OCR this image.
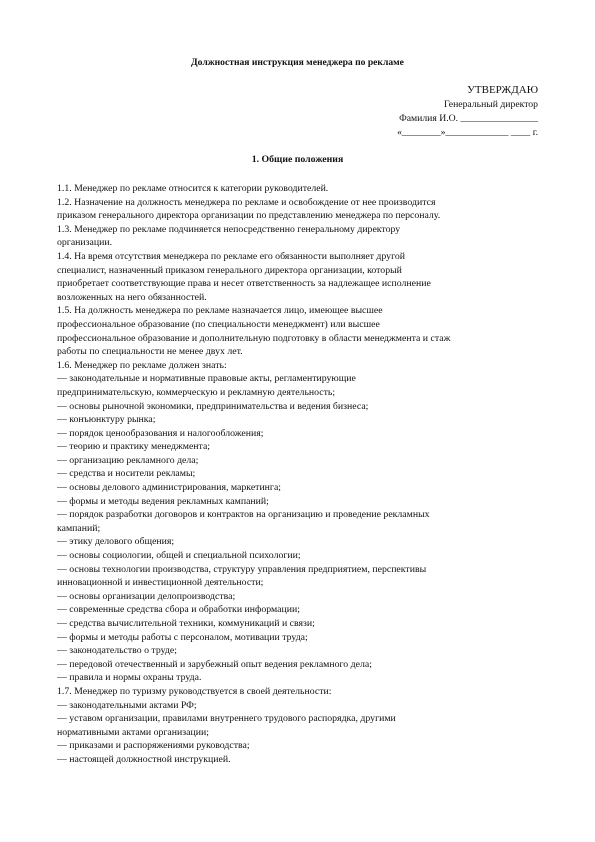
Должностная инструкция менеджера по рекламе
УТВЕРЖДАЮ
Генеральный директор
Фамилия И.О. ________________
«________»_____________ ____ г.
1. Общие положения
1.1. Менеджер по рекламе относится к категории руководителей.
1.2. Назначение на должность менеджера по рекламе и освобождение от нее производится
приказом генерального директора организации по представлению менеджера по персоналу.
1.3. Менеджер по рекламе подчиняется непосредственно генеральному директору
организации.
1.4. На время отсутствия менеджера по рекламе его обязанности выполняет другой
специалист, назначенный приказом генерального директора организации, который
приобретает соответствующие права и несет ответственность за надлежащее исполнение
возложенных на него обязанностей.
1.5. На должность менеджера по рекламе назначается лицо, имеющее высшее
профессиональное образование (по специальности менеджмент) или высшее
профессиональное образование и дополнительную подготовку в области менеджмента и стаж
работы по специальности не менее двух лет.
1.6. Менеджер по рекламе должен знать:
— законодательные и нормативные правовые акты, регламентирующие
предпринимательскую, коммерческую и рекламную деятельность;
— основы рыночной экономики, предпринимательства и ведения бизнеса;
— конъюнктуру рынка;
— порядок ценообразования и налогообложения;
— теорию и практику менеджмента;
— организацию рекламного дела;
— средства и носители рекламы;
— основы делового администрирования, маркетинга;
— формы и методы ведения рекламных кампаний;
— порядок разработки договоров и контрактов на организацию и проведение рекламных
кампаний;
— этику делового общения;
— основы социологии, общей и специальной психологии;
— основы технологии производства, структуру управления предприятием, перспективы
инновационной и инвестиционной деятельности;
— основы организации делопроизводства;
— современные средства сбора и обработки информации;
— средства вычислительной техники, коммуникаций и связи;
— формы и методы работы с персоналом, мотивации труда;
— законодательство о труде;
— передовой отечественный и зарубежный опыт ведения рекламного дела;
— правила и нормы охраны труда.
1.7. Менеджер по туризму руководствуется в своей деятельности:
— законодательными актами РФ;
— уставом организации, правилами внутреннего трудового распорядка, другими
нормативными актами организации;
— приказами и распоряжениями руководства;
— настоящей должностной инструкцией.
